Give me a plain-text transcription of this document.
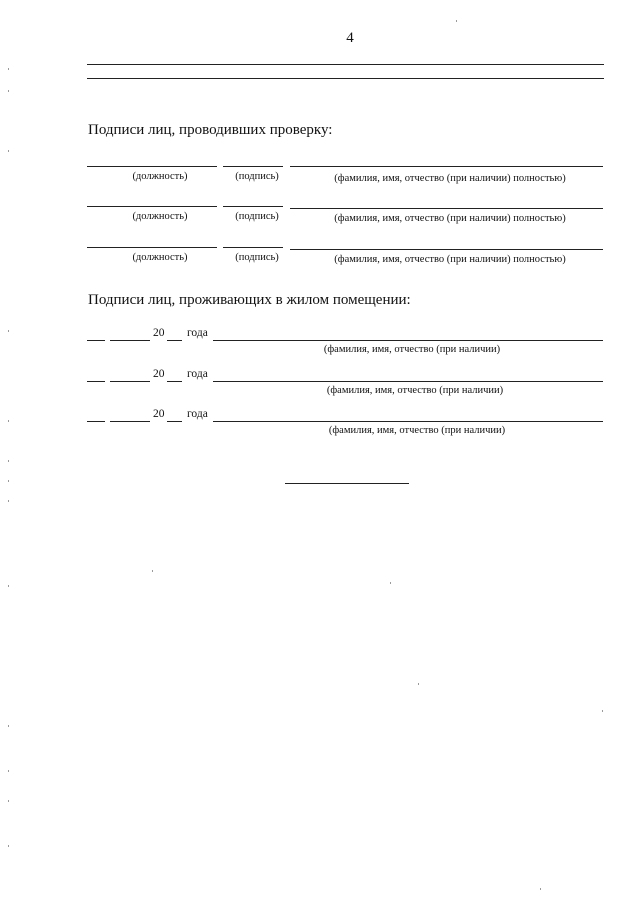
4
Подписи лиц, проводивших проверку:
(должность)	(подпись)	(фамилия, имя, отчество (при наличии) полностью)
(должность)	(подпись)	(фамилия, имя, отчество (при наличии) полностью)
(должность)	(подпись)	(фамилия, имя, отчество (при наличии) полностью)
Подписи лиц, проживающих в жилом помещении:
20 года
(фамилия, имя, отчество (при наличии)
20 года
(фамилия, имя, отчество (при наличии)
20 года
(фамилия, имя, отчество (при наличии)
